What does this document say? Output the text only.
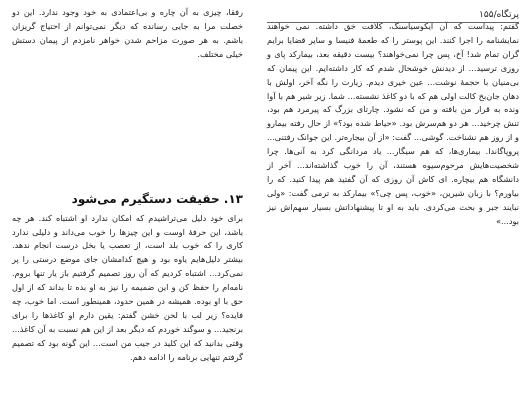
رفقا، چیزی به آن چاره و بی‌اعتمادی به خود وجود ندارد. این دو خصلت مرا به جایی رسانده که دیگر نمی‌توانم از احتیاج گریزان باشم. به هر صورت مزاحم شدن خواهر نامزدم از پیمان دستش خیلی مختلف.
۱۳. حقیقت دستگیرم می‌شود
برای خود دلیل می‌تراشیدم که امکان ندارد او اشتباه کند. هر چه باشد، این حرفهٔ اوست و این چیزها را خوب می‌داند و دلیلی ندارد کاری را که خوب بلد است، از تعصب یا بخل درست انجام ندهد. بیشتر دلیل‌هایم یاوه بود و هیچ کدامشان جای موضع درستی را پر نمی‌کرد... اشتباه کردیم که آن روز تصمیم گرفتیم باز یار تنها بروم. نامه‌ام را حفظ کن و این ضمیمه را نیز به او بده تا بداند که از اول حق با او بوده. همیشه در همین حدود، همینطور است. اما خوب، چه فایده؟ زیر لب با لحن خشن گفتم: یقین دارم او کاغذها را برای برنجید... و سوگند خوردم که دیگر بعد از این هم نسبت به آن کاغذ... وقتی بدانید که این کلید در جیب من است... این گونه بود که تصمیم گرفتم تنهایی برنامه را ادامه دهم.
پرتگاه/۱۵۵
گفتم: پیداست که آن ایکوسیاسنگ، کلافت خق داشته. نمی خواهند نمایشنامه را اجرا کنند. این پوستر را که طعمهٔ فنیسا و سایر قضایا برایم گران تمام شد! آخ، پس چرا نمی‌خواهند؟ بیست دقیقه بعد، بیمارکد پای و روزی ترسید... از دیدنش خوشحال شدم که کار داشته‌ایم. این پیمان که بی‌منیان با حجمهٔ نوشت... عین خیری دیدم. زیارت را نگه آخر، اولش با دهان جان‌بخ کالت اولی هم که با دو کاغذ نشسته... شما. زیر شیر هم با آوا ونده به قرار من بافته و من که نشود. چارتای بزرگ که پیرمرد هم بود، تنش چرخید... هر دو هم‌سرش بود. «حیاط شده بود؟» از حال رفته بیمارو و از روز هم نشناخت. گوشی... گفت: «از آن بیجاره‌تر. این جوانک رفتنی... پروپاگاندا. بیماری‌ها، که هم سیگار... یاد مردانگی کرد به آنی‌ها. چرا شخصیت‌هایش مرحوم‌سیوه هستند، آن را خوب گذاشته‌اند... آخر از دانشگاه هم بیچاره. ای کاش آن روزی که آن گفتید هم پیدا کنید. که را بیاورم؟ با زبان شیرین، «خوب، پس چی؟» بیمارکد به ترمی گفت: «ولی نبایند جبر و بحث می‌کردی. باید به او تا پیشنهاداتش بسیار سهم‌اش نیز بود...»
